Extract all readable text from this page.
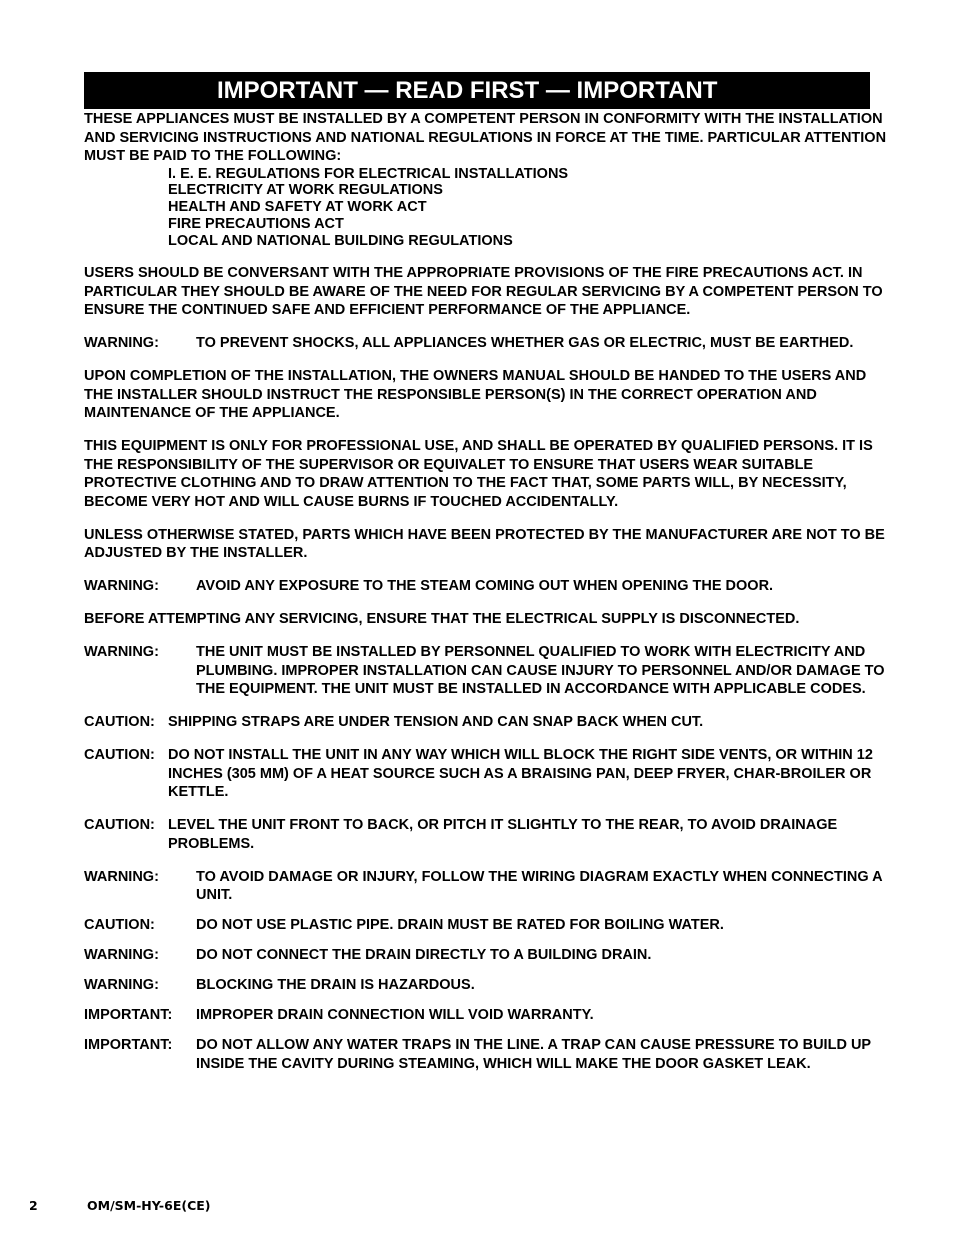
IMPORTANT — READ FIRST — IMPORTANT

THESE APPLIANCES MUST BE INSTALLED BY A COMPETENT PERSON IN CONFORMITY WITH THE INSTALLATION AND SERVICING INSTRUCTIONS AND NATIONAL REGULATIONS IN FORCE AT THE TIME. PARTICULAR ATTENTION MUST BE PAID TO THE FOLLOWING:

I. E. E. REGULATIONS FOR ELECTRICAL INSTALLATIONS
ELECTRICITY AT WORK REGULATIONS
HEALTH AND SAFETY AT WORK ACT
FIRE PRECAUTIONS ACT
LOCAL AND NATIONAL BUILDING REGULATIONS

USERS SHOULD BE CONVERSANT WITH THE APPROPRIATE PROVISIONS OF THE FIRE PRECAUTIONS ACT. IN PARTICULAR THEY SHOULD BE AWARE OF THE NEED FOR REGULAR SERVICING BY A COMPETENT PERSON TO ENSURE THE CONTINUED SAFE AND EFFICIENT PERFORMANCE OF THE APPLIANCE.

WARNING:	TO PREVENT SHOCKS, ALL APPLIANCES WHETHER GAS OR ELECTRIC, MUST BE EARTHED.

UPON COMPLETION OF THE INSTALLATION, THE OWNERS MANUAL SHOULD BE HANDED TO THE USERS AND THE INSTALLER SHOULD INSTRUCT THE RESPONSIBLE PERSON(S) IN THE CORRECT OPERATION AND MAINTENANCE OF THE APPLIANCE.

THIS EQUIPMENT IS ONLY FOR PROFESSIONAL USE, AND SHALL BE OPERATED BY QUALIFIED PERSONS. IT IS THE RESPONSIBILITY OF THE SUPERVISOR OR EQUIVALET TO ENSURE THAT USERS WEAR SUITABLE PROTECTIVE CLOTHING AND TO DRAW ATTENTION TO THE FACT THAT, SOME PARTS WILL, BY NECESSITY, BECOME VERY HOT AND WILL CAUSE BURNS IF TOUCHED ACCIDENTALLY.

UNLESS OTHERWISE STATED, PARTS WHICH HAVE BEEN PROTECTED BY THE MANUFACTURER ARE NOT TO BE ADJUSTED BY THE INSTALLER.

WARNING:	AVOID ANY EXPOSURE TO THE STEAM COMING OUT WHEN OPENING THE DOOR.

BEFORE ATTEMPTING ANY SERVICING, ENSURE THAT THE ELECTRICAL SUPPLY IS DISCONNECTED.

WARNING:	THE UNIT MUST BE INSTALLED BY PERSONNEL QUALIFIED TO WORK WITH ELECTRICITY AND PLUMBING. IMPROPER INSTALLATION CAN CAUSE INJURY TO PERSONNEL AND/OR DAMAGE TO THE EQUIPMENT. THE UNIT MUST BE INSTALLED IN ACCORDANCE WITH APPLICABLE CODES.
CAUTION: SHIPPING STRAPS ARE UNDER TENSION AND CAN SNAP BACK WHEN CUT.
CAUTION: DO NOT INSTALL THE UNIT IN ANY WAY WHICH WILL BLOCK THE RIGHT SIDE VENTS, OR WITHIN 12 INCHES (305 MM) OF A HEAT SOURCE SUCH AS A BRAISING PAN, DEEP FRYER, CHAR-BROILER OR KETTLE.
CAUTION: LEVEL THE UNIT FRONT TO BACK, OR PITCH IT SLIGHTLY TO THE REAR, TO AVOID DRAINAGE PROBLEMS.
WARNING:	TO AVOID DAMAGE OR INJURY, FOLLOW THE WIRING DIAGRAM EXACTLY WHEN CONNECTING A UNIT.
CAUTION:	DO NOT USE PLASTIC PIPE. DRAIN MUST BE RATED FOR BOILING WATER.
WARNING:	DO NOT CONNECT THE DRAIN DIRECTLY TO A BUILDING DRAIN.
WARNING:	BLOCKING THE DRAIN IS HAZARDOUS.
IMPORTANT:	IMPROPER DRAIN CONNECTION WILL VOID WARRANTY.
IMPORTANT:	DO NOT ALLOW ANY WATER TRAPS IN THE LINE. A TRAP CAN CAUSE PRESSURE TO BUILD UP INSIDE THE CAVITY DURING STEAMING, WHICH WILL MAKE THE DOOR GASKET LEAK.
2	OM/SM-HY-6E(CE)
